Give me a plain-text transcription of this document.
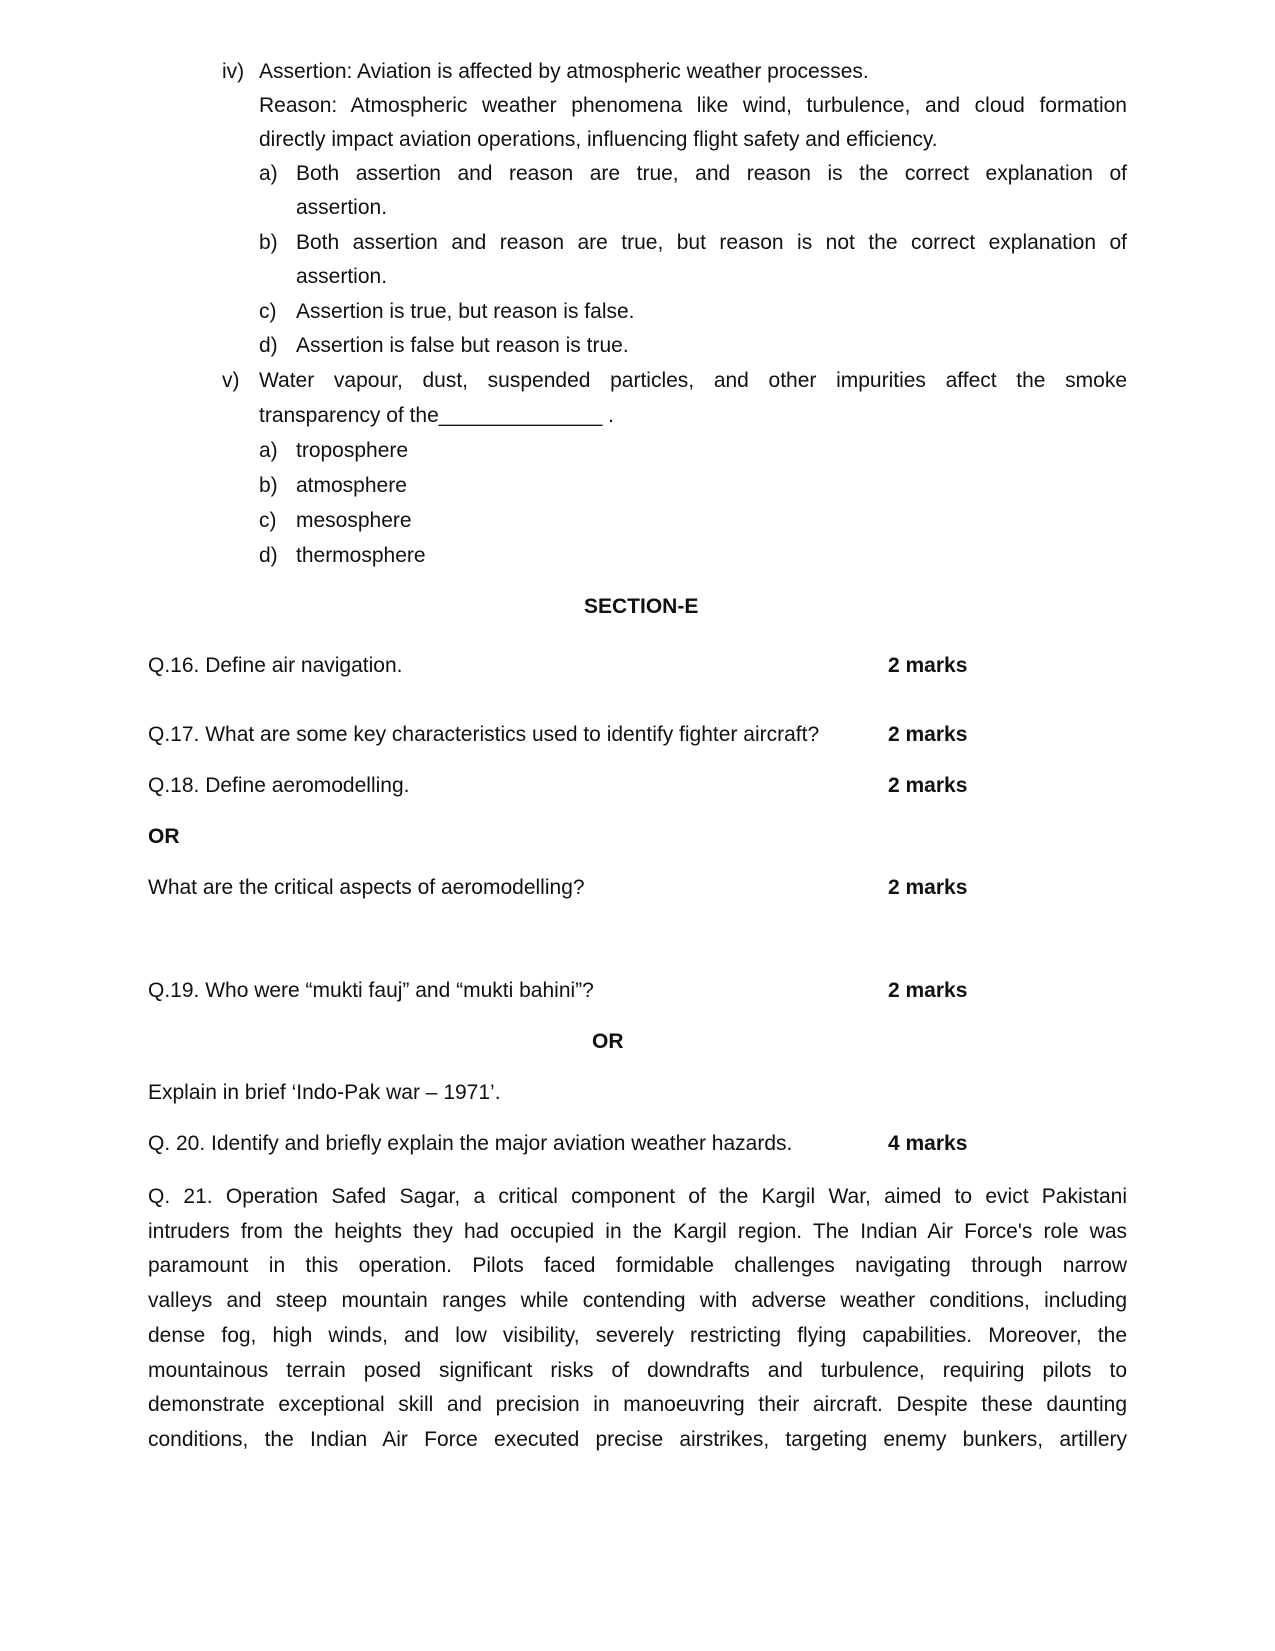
iv) Assertion: Aviation is affected by atmospheric weather processes.
Reason: Atmospheric weather phenomena like wind, turbulence, and cloud formation
directly impact aviation operations, influencing flight safety and efficiency.
a) Both assertion and reason are true, and reason is the correct explanation of
assertion.
b) Both assertion and reason are true, but reason is not the correct explanation of
assertion.
c) Assertion is true, but reason is false.
d) Assertion is false but reason is true.
v) Water vapour, dust, suspended particles, and other impurities affect the smoke
transparency of the______________ .
a) troposphere
b) atmosphere
c) mesosphere
d) thermosphere
SECTION-E
Q.16. Define air navigation.	2 marks
Q.17. What are some key characteristics used to identify fighter aircraft?	2 marks
Q.18. Define aeromodelling.	2 marks
OR
What are the critical aspects of aeromodelling?	2 marks
Q.19. Who were “mukti fauj” and “mukti bahini”?	2 marks
OR
Explain in brief ‘Indo-Pak war – 1971’.
Q. 20. Identify and briefly explain the major aviation weather hazards.	4 marks
Q. 21. Operation Safed Sagar, a critical component of the Kargil War, aimed to evict Pakistani
intruders from the heights they had occupied in the Kargil region. The Indian Air Force's role was
paramount in this operation. Pilots faced formidable challenges navigating through narrow
valleys and steep mountain ranges while contending with adverse weather conditions, including
dense fog, high winds, and low visibility, severely restricting flying capabilities. Moreover, the
mountainous terrain posed significant risks of downdrafts and turbulence, requiring pilots to
demonstrate exceptional skill and precision in manoeuvring their aircraft. Despite these daunting
conditions, the Indian Air Force executed precise airstrikes, targeting enemy bunkers, artillery
